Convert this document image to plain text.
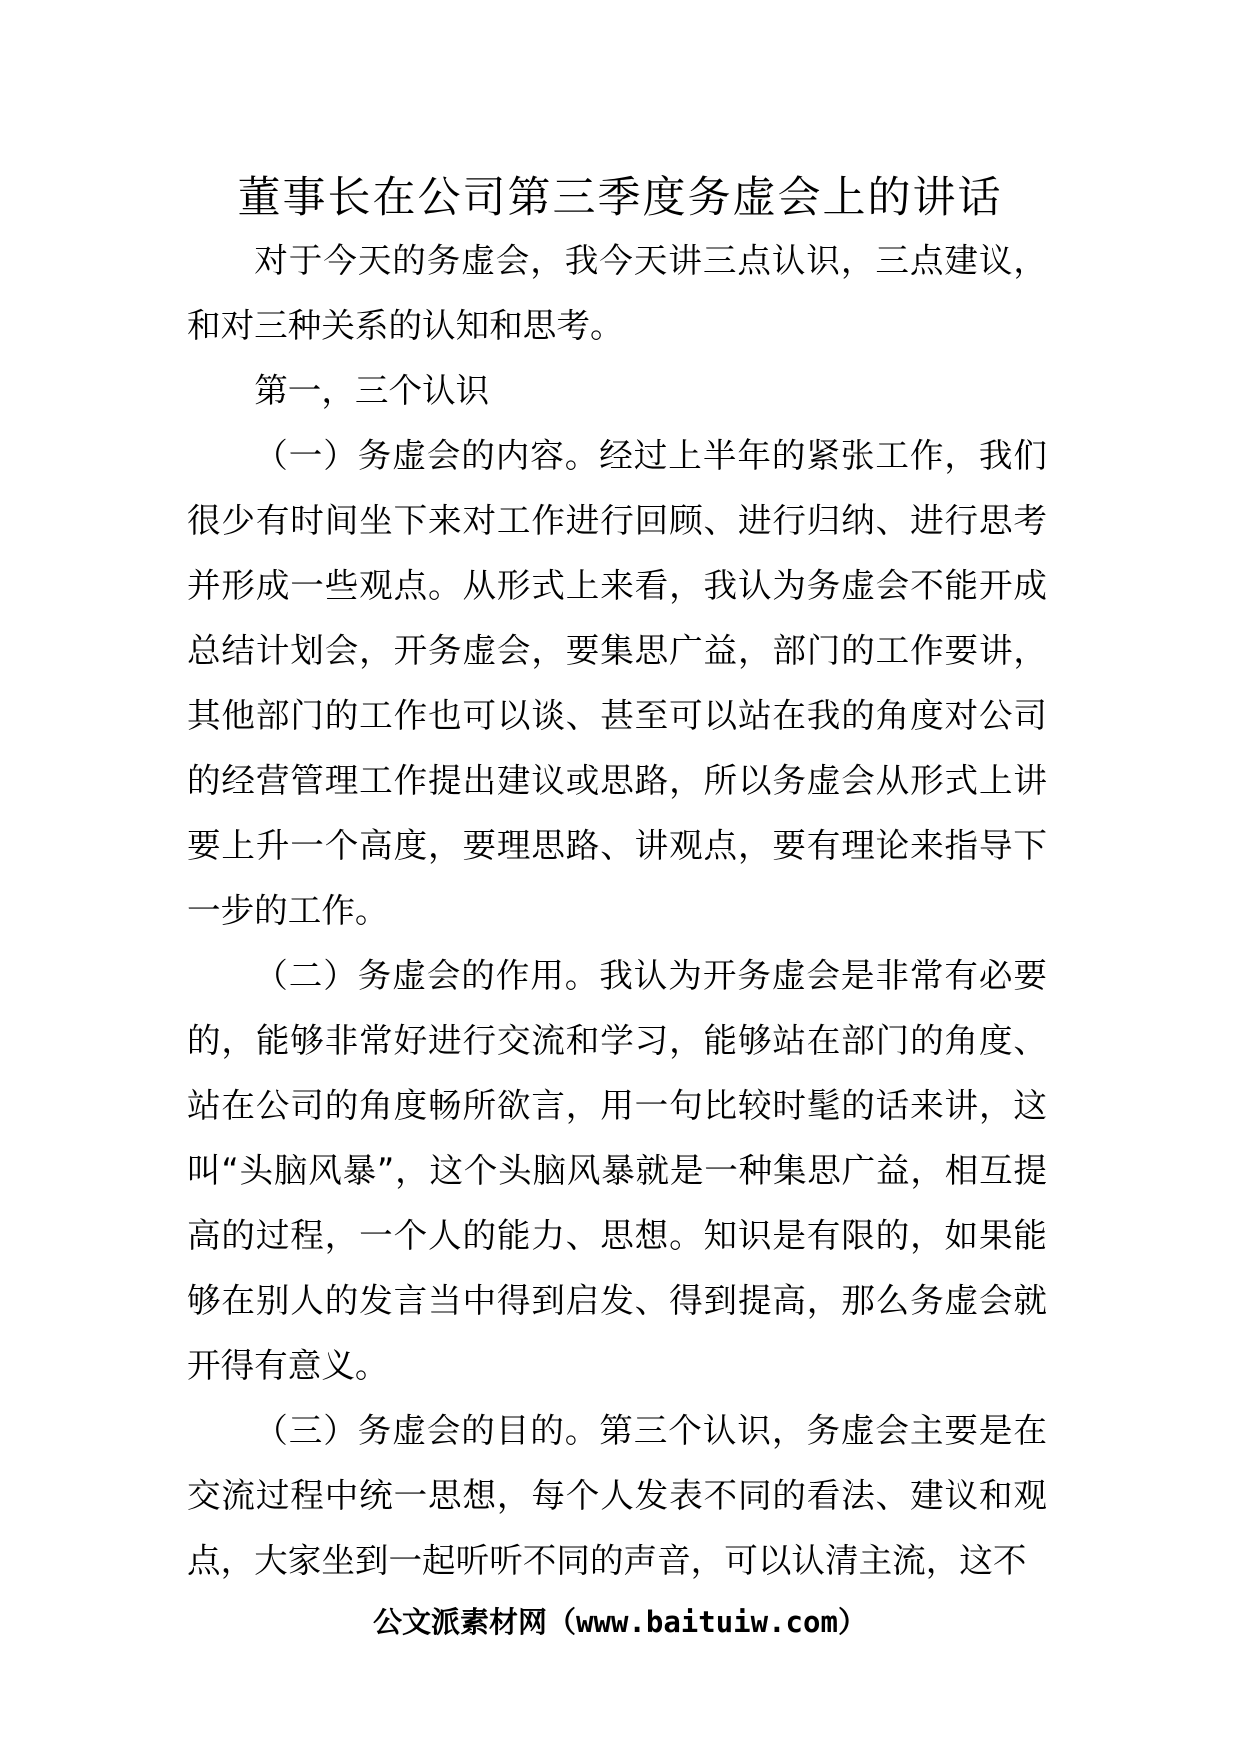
董事长在公司第三季度务虚会上的讲话

对于今天的务虚会，我今天讲三点认识，三点建议，和对三种关系的认知和思考。

第一，三个认识

（一）务虚会的内容。经过上半年的紧张工作，我们很少有时间坐下来对工作进行回顾、进行归纳、进行思考并形成一些观点。从形式上来看，我认为务虚会不能开成总结计划会，开务虚会，要集思广益，部门的工作要讲，其他部门的工作也可以谈、甚至可以站在我的角度对公司的经营管理工作提出建议或思路，所以务虚会从形式上讲要上升一个高度，要理思路、讲观点，要有理论来指导下一步的工作。

（二）务虚会的作用。我认为开务虚会是非常有必要的，能够非常好进行交流和学习，能够站在部门的角度、站在公司的角度畅所欲言，用一句比较时髦的话来讲，这叫“头脑风暴”，这个头脑风暴就是一种集思广益，相互提高的过程，一个人的能力、思想。知识是有限的，如果能够在别人的发言当中得到启发、得到提高，那么务虚会就开得有意义。

（三）务虚会的目的。第三个认识，务虚会主要是在交流过程中统一思想，每个人发表不同的看法、建议和观点，大家坐到一起听听不同的声音，可以认清主流，这不

公文派素材网（www.baituiw.com）
